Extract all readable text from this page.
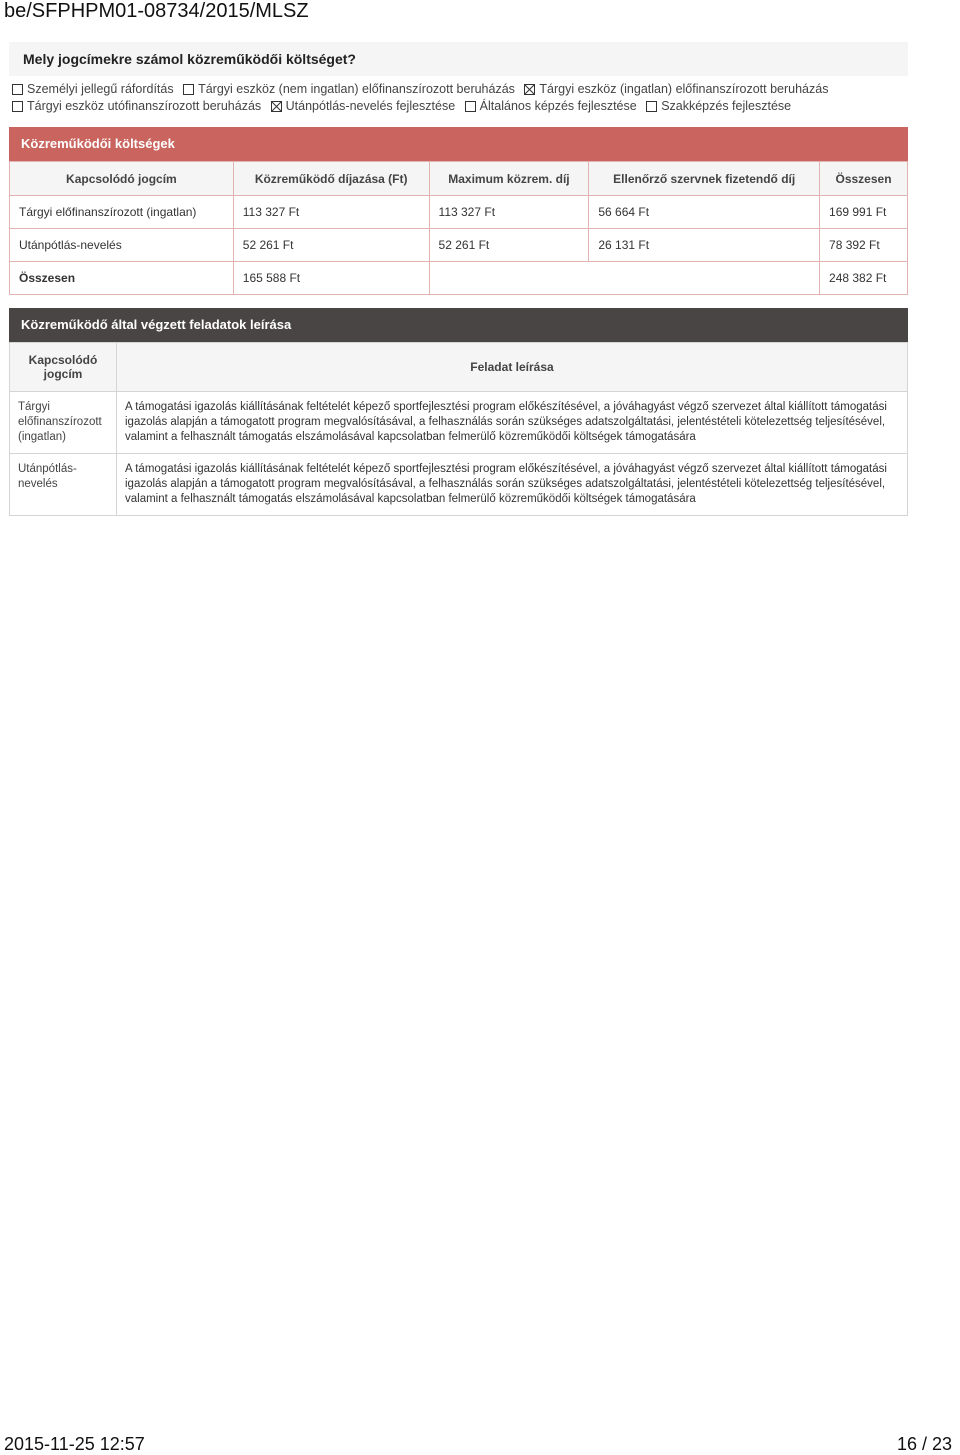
be/SFPHPM01-08734/2015/MLSZ
Mely jogcímekre számol közreműködői költséget?
Személyi jellegű ráfordítás Tárgyi eszköz (nem ingatlan) előfinanszírozott beruházás Tárgyi eszköz (ingatlan) előfinanszírozott beruházás
Tárgyi eszköz utófinanszírozott beruházás Utánpótlás-nevelés fejlesztése Általános képzés fejlesztése Szakképzés fejlesztése
Közreműködői költségek
Kapcsolódó jogcím	Közreműködő díjazása (Ft)	Maximum közrem. díj	Ellenőrző szervnek fizetendő díj	Összesen
Tárgyi előfinanszírozott (ingatlan)	113 327 Ft	113 327 Ft	56 664 Ft	169 991 Ft
Utánpótlás-nevelés	52 261 Ft	52 261 Ft	26 131 Ft	78 392 Ft
Összesen	165 588 Ft			248 382 Ft
Közreműködő által végzett feladatok leírása
Kapcsolódó jogcím	Feladat leírása
Tárgyi előfinanszírozott (ingatlan)	A támogatási igazolás kiállításának feltételét képező sportfejlesztési program előkészítésével, a jóváhagyást végző szervezet által kiállított támogatási igazolás alapján a támogatott program megvalósításával, a felhasználás során szükséges adatszolgáltatási, jelentéstételi kötelezettség teljesítésével, valamint a felhasznált támogatás elszámolásával kapcsolatban felmerülő közreműködői költségek támogatására
Utánpótlás-nevelés	A támogatási igazolás kiállításának feltételét képező sportfejlesztési program előkészítésével, a jóváhagyást végző szervezet által kiállított támogatási igazolás alapján a támogatott program megvalósításával, a felhasználás során szükséges adatszolgáltatási, jelentéstételi kötelezettség teljesítésével, valamint a felhasznált támogatás elszámolásával kapcsolatban felmerülő közreműködői költségek támogatására
2015-11-25 12:57	16 / 23
